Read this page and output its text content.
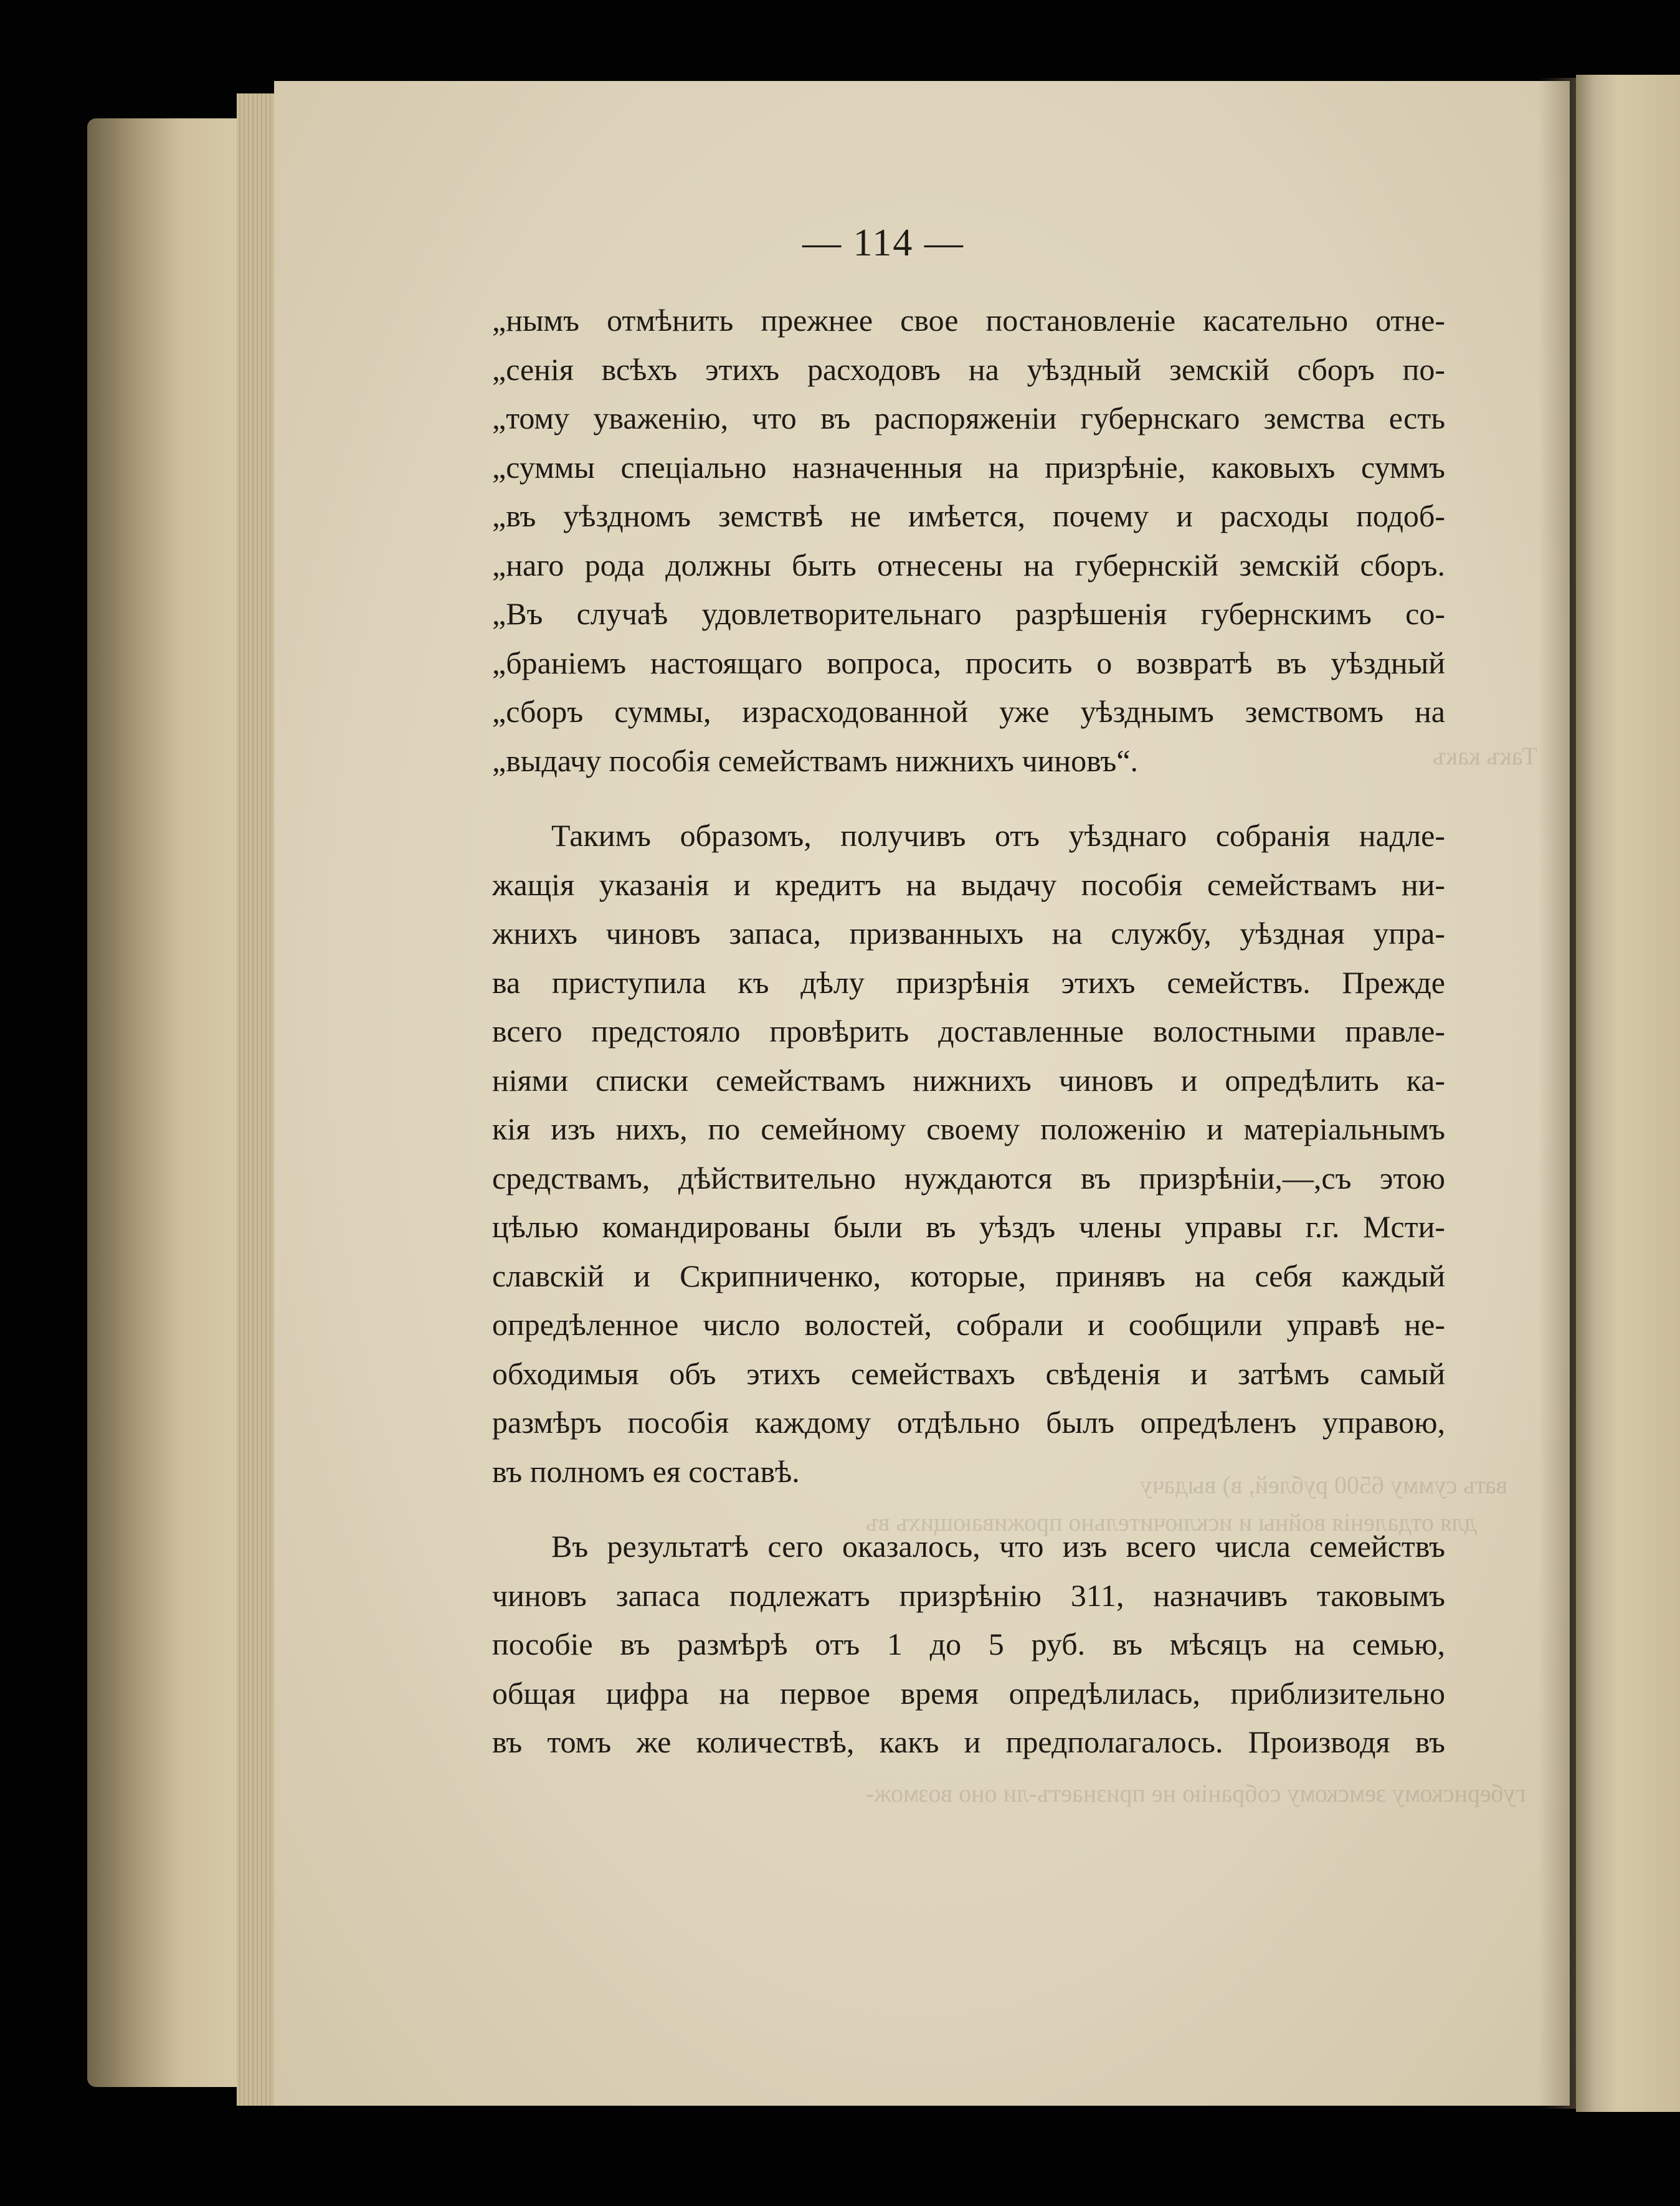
Такъ какъ
вать сумму 6500 рублей, в) выдачу
для отдаленія войны и исключительно проживающихъ въ
губернскому земскому собранію не признаетъ-ли оно возмож-
— 114 —
„нымъ отмѣнить прежнее свое постановленіе касательно отне-
„сенія всѣхъ этихъ расходовъ на уѣздный земскій сборъ по-
„тому уваженію, что въ распоряженіи губернскаго земства есть
„суммы спеціально назначенныя на призрѣніе, каковыхъ суммъ
„въ уѣздномъ земствѣ не имѣется, почему и расходы подоб-
„наго рода должны быть отнесены на губернскій земскій сборъ.
„Въ случаѣ удовлетворительнаго разрѣшенія губернскимъ со-
„браніемъ настоящаго вопроса, просить о возвратѣ въ уѣздный
„сборъ суммы, израсходованной уже уѣзднымъ земствомъ на
„выдачу пособія семействамъ нижнихъ чиновъ“.
Такимъ образомъ, получивъ отъ уѣзднаго собранія надле-
жащія указанія и кредитъ на выдачу пособія семействамъ ни-
жнихъ чиновъ запаса, призванныхъ на службу, уѣздная упра-
ва приступила къ дѣлу призрѣнія этихъ семействъ. Прежде
всего предстояло провѣрить доставленные волостными правле-
ніями списки семействамъ нижнихъ чиновъ и опредѣлить ка-
кія изъ нихъ, по семейному своему положенію и матеріальнымъ
средствамъ, дѣйствительно нуждаются въ призрѣніи,—,съ этою
цѣлью командированы были въ уѣздъ члены управы г.г. Мсти-
славскій и Скрипниченко, которые, принявъ на себя каждый
опредѣленное число волостей, собрали и сообщили управѣ не-
обходимыя объ этихъ семействахъ свѣденія и затѣмъ самый
размѣръ пособія каждому отдѣльно былъ опредѣленъ управою,
въ полномъ ея составѣ.
Въ результатѣ сего оказалось, что изъ всего числа семействъ
чиновъ запаса подлежатъ призрѣнію 311, назначивъ таковымъ
пособіе въ размѣрѣ отъ 1 до 5 руб. въ мѣсяцъ на семью,
общая цифра на первое время опредѣлилась, приблизительно
въ томъ же количествѣ, какъ и предполагалось. Производя въ
